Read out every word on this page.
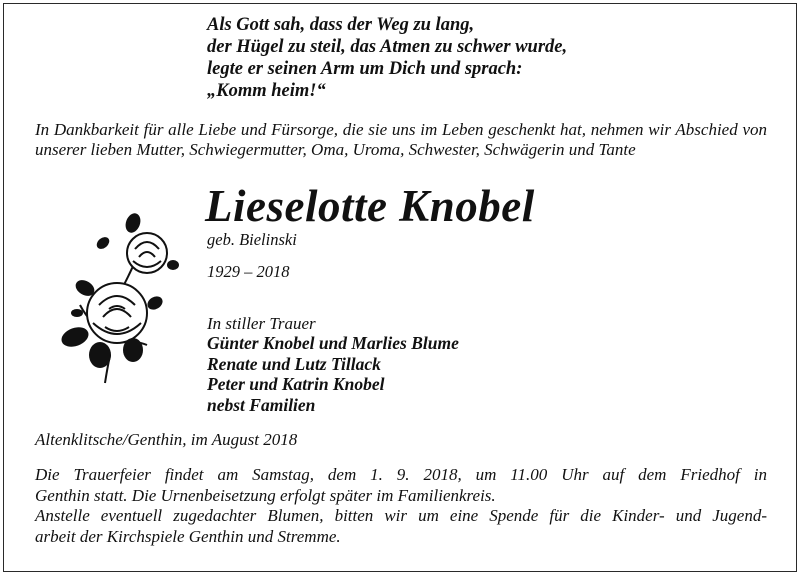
Als Gott sah, dass der Weg zu lang,
der Hügel zu steil, das Atmen zu schwer wurde,
legte er seinen Arm um Dich und sprach:
„Komm heim!“
In Dankbarkeit für alle Liebe und Fürsorge, die sie uns im Leben geschenkt hat, nehmen wir Abschied von unserer lieben Mutter, Schwiegermutter, Oma, Uroma, Schwester, Schwägerin und Tante
Lieselotte Knobel
geb. Bielinski
1929 – 2018
In stiller Trauer
Günter Knobel und Marlies Blume
Renate und Lutz Tillack
Peter und Katrin Knobel
nebst Familien
Altenklitsche/Genthin, im August 2018
Die Trauerfeier findet am Samstag, dem 1. 9. 2018, um 11.00 Uhr auf dem Friedhof in
Genthin statt. Die Urnenbeisetzung erfolgt später im Familienkreis.
Anstelle eventuell zugedachter Blumen, bitten wir um eine Spende für die Kinder- und Jugend-
arbeit der Kirchspiele Genthin und Stremme.
